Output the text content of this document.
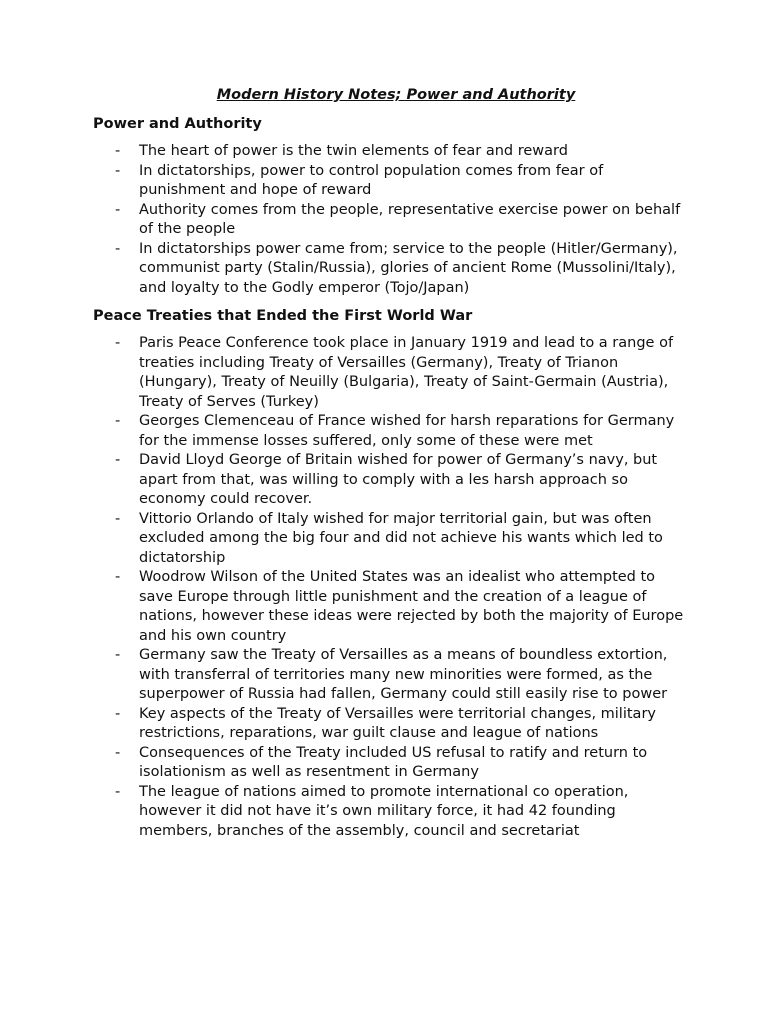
Modern History Notes; Power and Authority
Power and Authority
- The heart of power is the twin elements of fear and reward
- In dictatorships, power to control population comes from fear of punishment and hope of reward
- Authority comes from the people, representative exercise power on behalf of the people
- In dictatorships power came from; service to the people (Hitler/Germany), communist party (Stalin/Russia), glories of ancient Rome (Mussolini/Italy), and loyalty to the Godly emperor (Tojo/Japan)
Peace Treaties that Ended the First World War
- Paris Peace Conference took place in January 1919 and lead to a range of treaties including Treaty of Versailles (Germany), Treaty of Trianon (Hungary), Treaty of Neuilly (Bulgaria), Treaty of Saint-Germain (Austria), Treaty of Serves (Turkey)
- Georges Clemenceau of France wished for harsh reparations for Germany for the immense losses suffered, only some of these were met
- David Lloyd George of Britain wished for power of Germany’s navy, but apart from that, was willing to comply with a les harsh approach so economy could recover.
- Vittorio Orlando of Italy wished for major territorial gain, but was often excluded among the big four and did not achieve his wants which led to dictatorship
- Woodrow Wilson of the United States was an idealist who attempted to save Europe through little punishment and the creation of a league of nations, however these ideas were rejected by both the majority of Europe and his own country
- Germany saw the Treaty of Versailles as a means of boundless extortion, with transferral of territories many new minorities were formed, as the superpower of Russia had fallen, Germany could still easily rise to power
- Key aspects of the Treaty of Versailles were territorial changes, military restrictions, reparations, war guilt clause and league of nations
- Consequences of the Treaty included US refusal to ratify and return to isolationism as well as resentment in Germany
- The league of nations aimed to promote international co operation, however it did not have it’s own military force, it had 42 founding members, branches of the assembly, council and secretariat
